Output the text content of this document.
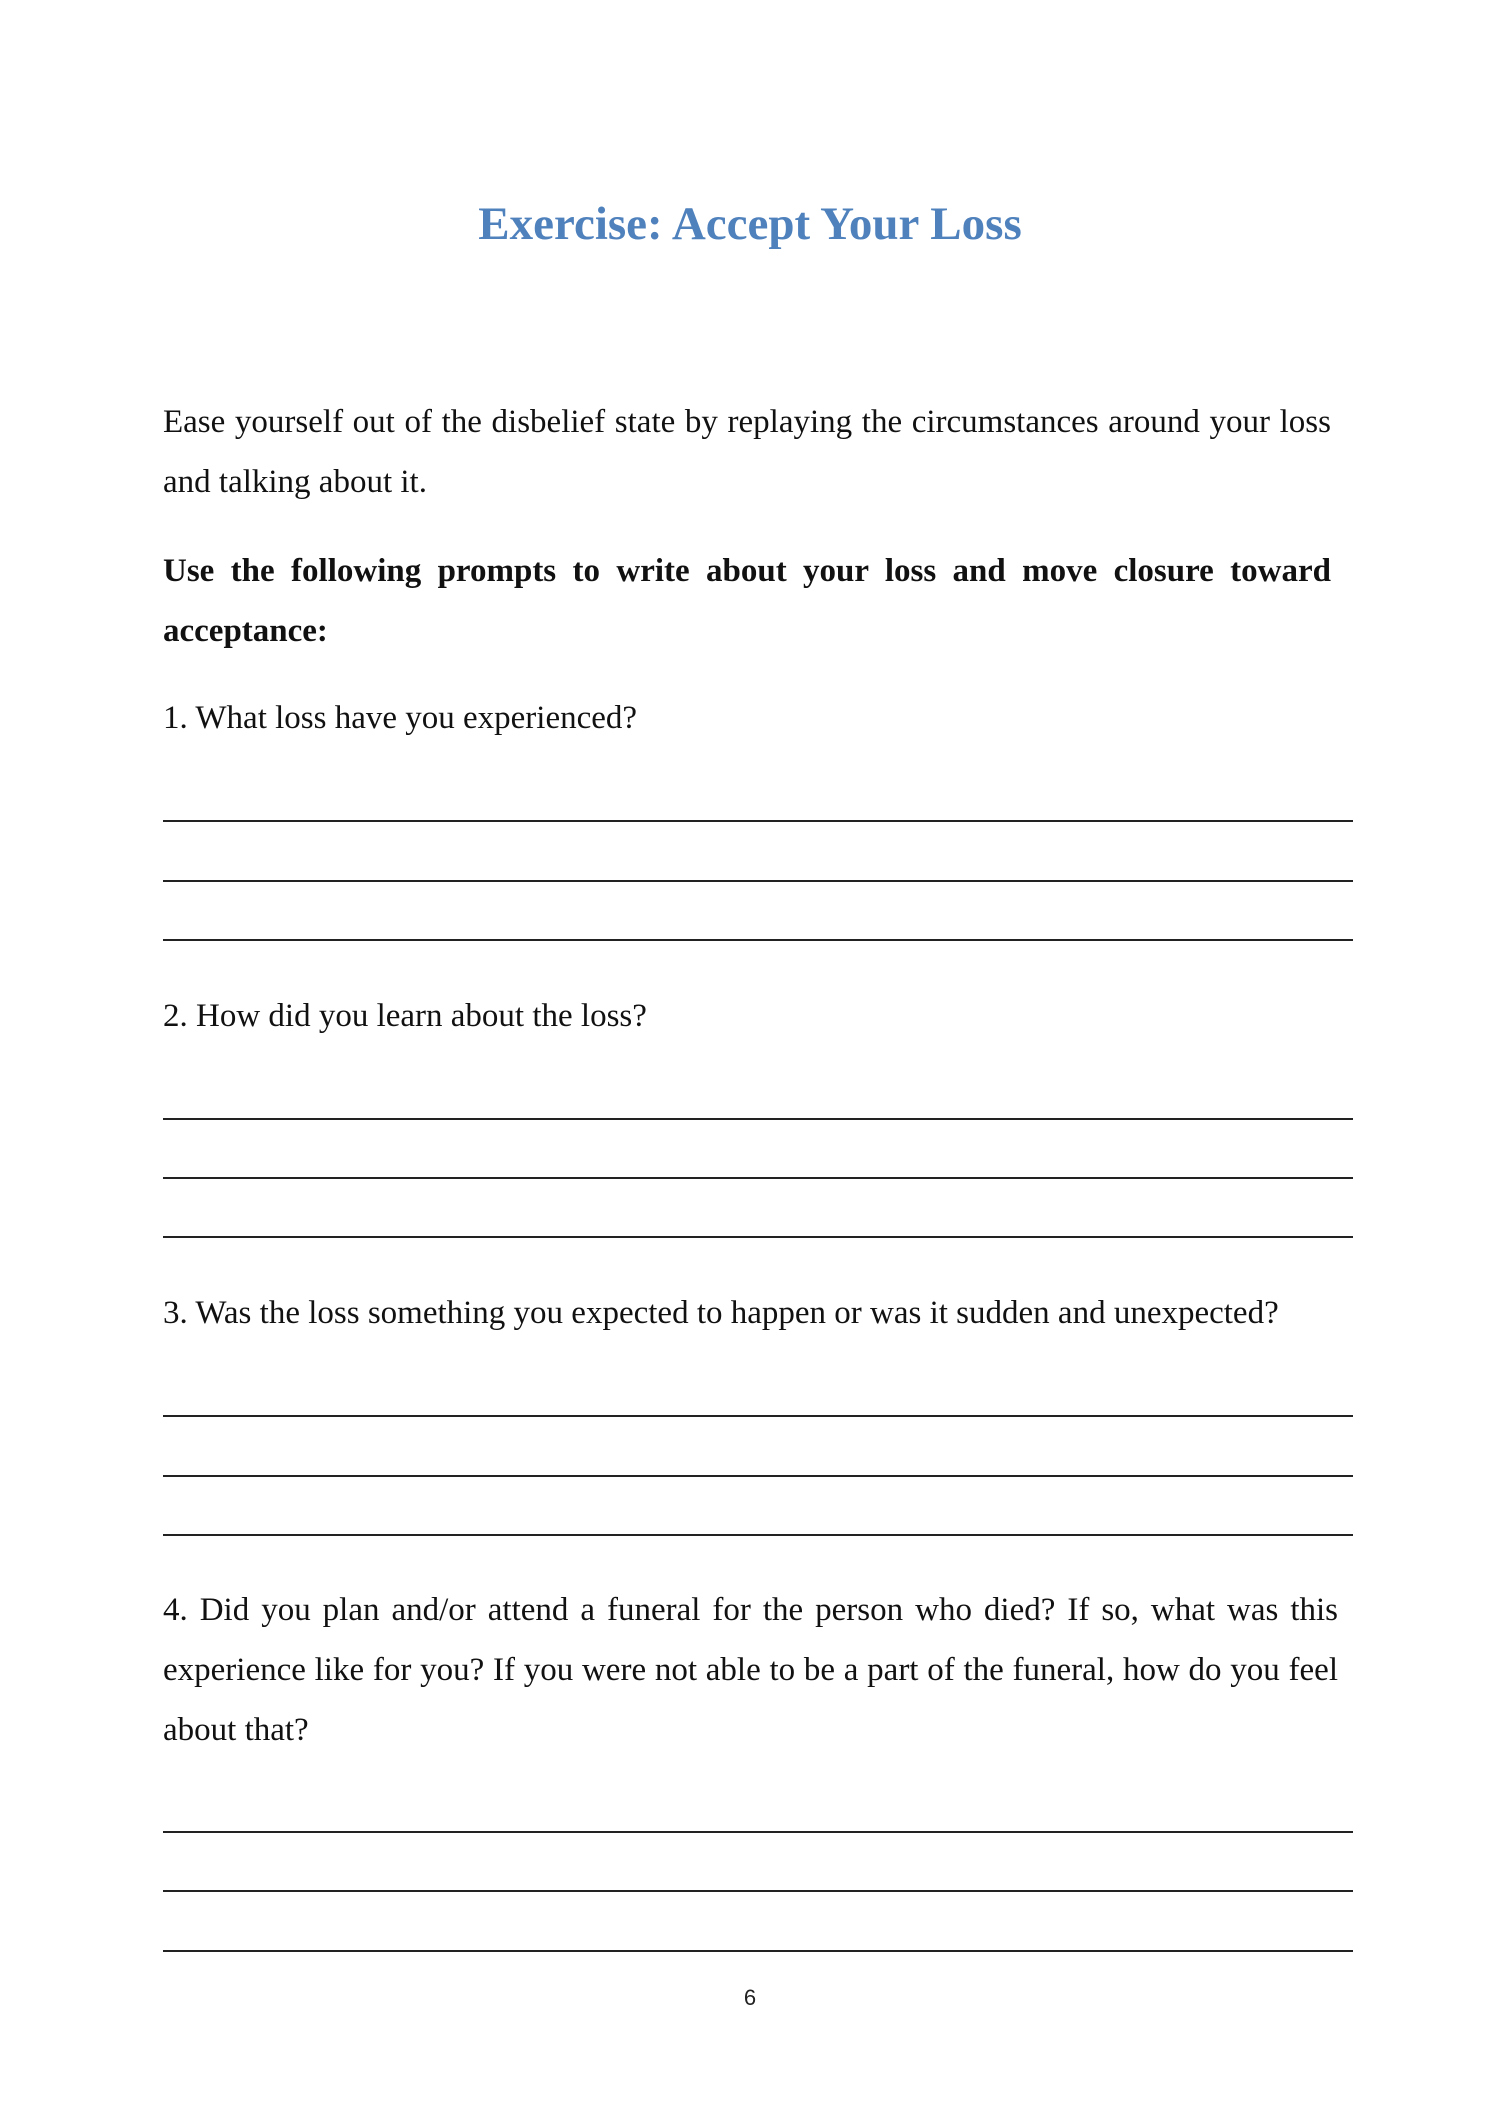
Exercise: Accept Your Loss
Ease yourself out of the disbelief state by replaying the circumstances around your loss and talking about it.
Use the following prompts to write about your loss and move closure toward acceptance:
1. What loss have you experienced?
2. How did you learn about the loss?
3. Was the loss something you expected to happen or was it sudden and unexpected?
4. Did you plan and/or attend a funeral for the person who died? If so, what was this experience like for you? If you were not able to be a part of the funeral, how do you feel about that?
6
